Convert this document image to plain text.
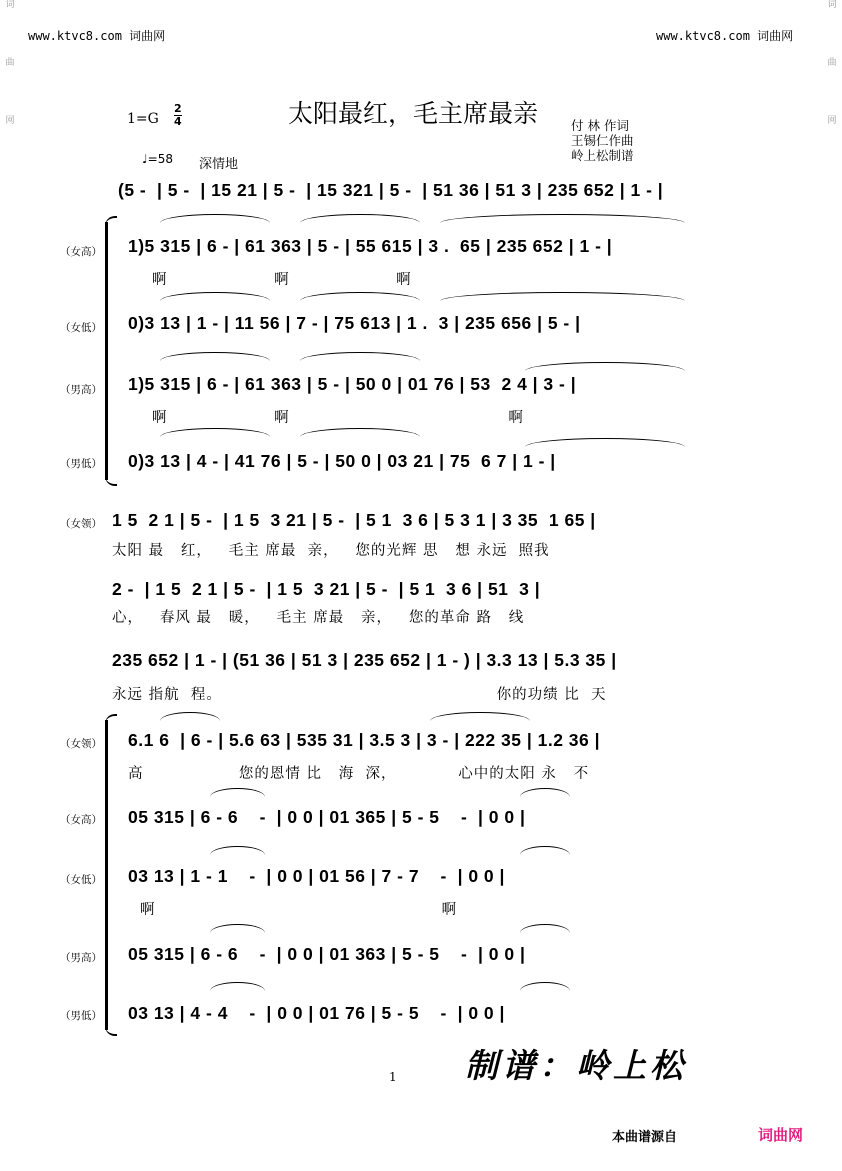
词
曲
网
词
曲
网
www.ktvc8.com 词曲网	www.ktvc8.com 词曲网
太阳最红，毛主席最亲
$1=G \frac{2}{4}$	付 林 作词
王锡仁作曲
岭上松制谱
♩=58 深情地
(5 -  | 5 -  | 15 21 | 5 -  | 15 321 | 5 -  | 51 36 | 51 3 | 235 652 | 1 - |
（女高） 1)5 315 | 6 - | 61 363 | 5 - | 55 615 | 3 .  65 | 235 652 | 1 - |
啊                   啊                   啊
（女低） 0)3 13 | 1 - | 11 56 | 7 - | 75 613 | 1 .  3 | 235 656 | 5 - |
（男高） 1)5 315 | 6 - | 61 363 | 5 - | 50 0 | 01 76 | 53  2 4 | 3 - |
啊                   啊                                       啊
（男低） 0)3 13 | 4 - | 41 76 | 5 - | 50 0 | 03 21 | 75  6 7 | 1 - |
（女领） 1 5  2 1 | 5 -  | 1 5  3 21 | 5 -  | 5 1  3 6 | 5 3 1 | 3 35  1 65 |
太阳 最   红，   毛主 席最  亲，   您的光辉 思   想 永远  照我
2 -  | 1 5  2 1 | 5 -  | 1 5  3 21 | 5 -  | 5 1  3 6 | 51  3 |
心，   春风 最   暖，   毛主 席最   亲，   您的革命 路   线
235 652 | 1 - | (51 36 | 51 3 | 235 652 | 1 - ) | 3.3 13 | 5.3 35 |
永远 指航  程。                                                 你的功绩 比  天
（女领） 6.1 6  | 6 - | 5.6 63 | 535 31 | 3.5 3 | 3 - | 222 35 | 1.2 36 |
高                 您的恩情 比   海  深，           心中的太阳 永   不
（女高） 05 315 | 6 - 6    -  | 0 0 | 01 365 | 5 - 5    -  | 0 0 |
（女低） 03 13 | 1 - 1    -  | 0 0 | 01 56 | 7 - 7    -  | 0 0 |
啊                                                   啊
（男高） 05 315 | 6 - 6    -  | 0 0 | 01 363 | 5 - 5    -  | 0 0 |
（男低） 03 13 | 4 - 4    -  | 0 0 | 01 76 | 5 - 5    -  | 0 0 |
制谱：岭上松
1
本曲谱源自	词曲网
